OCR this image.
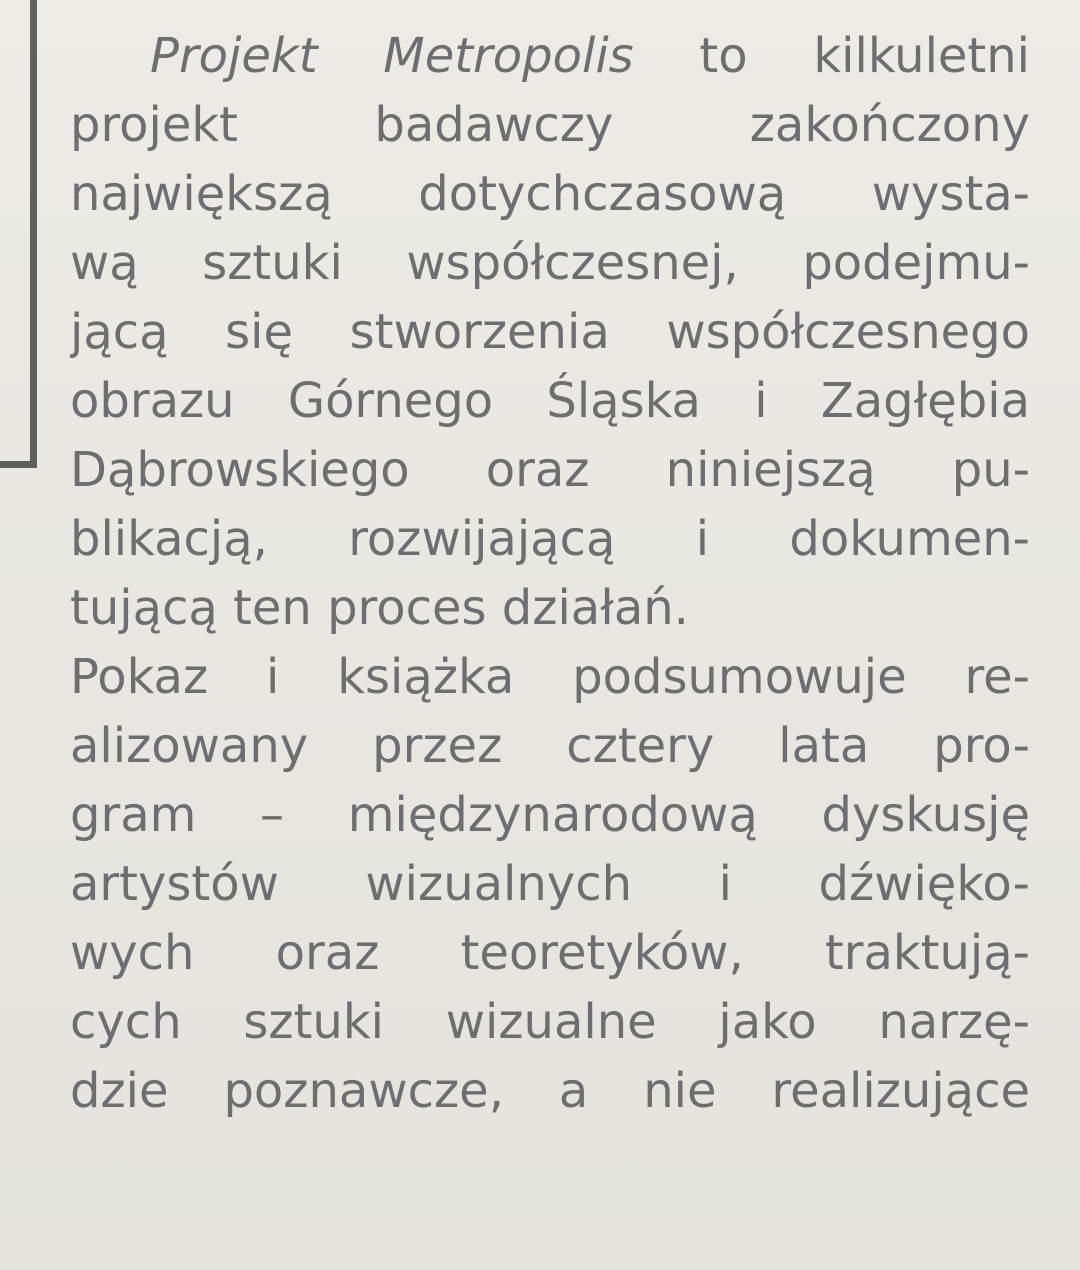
Projekt Metropolis to kilkuletni
projekt badawczy zakończony
największą dotychczasową wysta-
wą sztuki współczesnej, podejmu-
jącą się stworzenia współczesnego
obrazu Górnego Śląska i Zagłębia
Dąbrowskiego oraz niniejszą pu-
blikacją, rozwijającą i dokumen-
tującą ten proces działań.
Pokaz i książka podsumowuje re-
alizowany przez cztery lata pro-
gram – międzynarodową dyskusję
artystów wizualnych i dźwięko-
wych oraz teoretyków, traktują-
cych sztuki wizualne jako narzę-
dzie poznawcze, a nie realizujące
